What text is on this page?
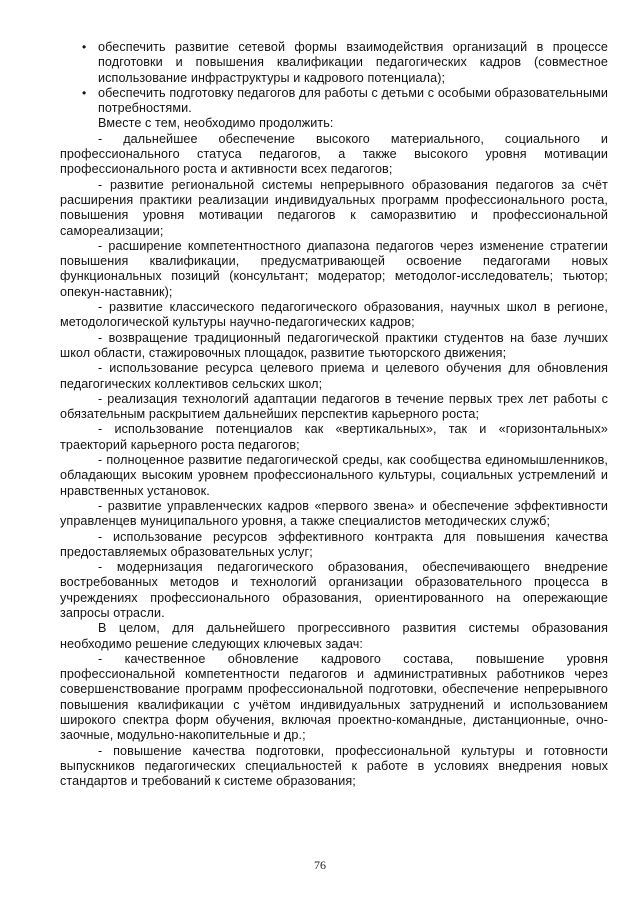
• обеспечить развитие сетевой формы взаимодействия организаций в процессе подготовки и повышения квалификации педагогических кадров (совместное использование инфраструктуры и кадрового потенциала);
• обеспечить подготовку педагогов для работы с детьми с особыми образовательными потребностями.

Вместе с тем, необходимо продолжить:

- дальнейшее обеспечение высокого материального, социального и профессионального статуса педагогов, а также высокого уровня мотивации профессионального роста и активности всех педагогов;

- развитие региональной системы непрерывного образования педагогов за счёт расширения практики реализации индивидуальных программ профессионального роста, повышения уровня мотивации педагогов к саморазвитию и профессиональной самореализации;

- расширение компетентностного диапазона педагогов через изменение стратегии повышения квалификации, предусматривающей освоение педагогами новых функциональных позиций (консультант; модератор; методолог-исследователь; тьютор; опекун-наставник);

- развитие классического педагогического образования, научных школ в регионе, методологической культуры научно-педагогических кадров;

- возвращение традиционный педагогической практики студентов на базе лучших школ области, стажировочных площадок, развитие тьюторского движения;

- использование ресурса целевого приема и целевого обучения для обновления педагогических коллективов сельских школ;

- реализация технологий адаптации педагогов в течение первых трех лет работы с обязательным раскрытием дальнейших перспектив карьерного роста;

- использование потенциалов как «вертикальных», так и «горизонтальных» траекторий карьерного роста педагогов;

- полноценное развитие педагогической среды, как сообщества единомышленников, обладающих высоким уровнем профессионального культуры, социальных устремлений и нравственных установок.

- развитие управленческих кадров «первого звена» и обеспечение эффективности управленцев муниципального уровня, а также специалистов методических служб;

- использование ресурсов эффективного контракта для повышения качества предоставляемых образовательных услуг;

- модернизация педагогического образования, обеспечивающего внедрение востребованных методов и технологий организации образовательного процесса в учреждениях профессионального образования, ориентированного на опережающие запросы отрасли.

В целом, для дальнейшего прогрессивного развития системы образования необходимо решение следующих ключевых задач:

- качественное обновление кадрового состава, повышение уровня профессиональной компетентности педагогов и административных работников через совершенствование программ профессиональной подготовки, обеспечение непрерывного повышения квалификации с учётом индивидуальных затруднений и использованием широкого спектра форм обучения, включая проектно-командные, дистанционные, очно-заочные, модульно-накопительные и др.;

- повышение качества подготовки, профессиональной культуры и готовности выпускников педагогических специальностей к работе в условиях внедрения новых стандартов и требований к системе образования;

76
